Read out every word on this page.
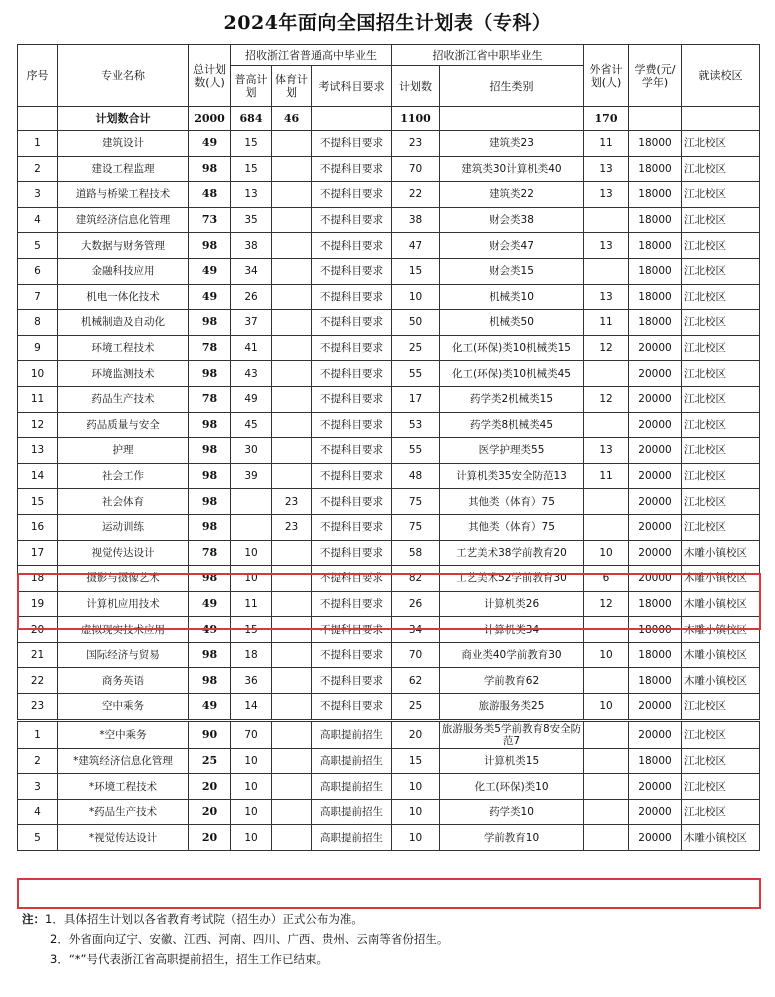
2024年面向全国招生计划表（专科）
序号	专业名称	总计划数(人)	招收浙江省普通高中毕业生			招收浙江省中职毕业生		外省计划(人)	学费(元/学年)	就读校区
			普高计划	体育计划	考试科目要求	计划数	招生类别			
	计划数合计	2000	684	46		1100		170		
1	建筑设计	49	15		不提科目要求	23	建筑类23	11	18000	江北校区
2	建设工程监理	98	15		不提科目要求	70	建筑类30计算机类40	13	18000	江北校区
3	道路与桥梁工程技术	48	13		不提科目要求	22	建筑类22	13	18000	江北校区
4	建筑经济信息化管理	73	35		不提科目要求	38	财会类38		18000	江北校区
5	大数据与财务管理	98	38		不提科目要求	47	财会类47	13	18000	江北校区
6	金融科技应用	49	34		不提科目要求	15	财会类15		18000	江北校区
7	机电一体化技术	49	26		不提科目要求	10	机械类10	13	18000	江北校区
8	机械制造及自动化	98	37		不提科目要求	50	机械类50	11	18000	江北校区
9	环境工程技术	78	41		不提科目要求	25	化工(环保)类10机械类15	12	20000	江北校区
10	环境监测技术	98	43		不提科目要求	55	化工(环保)类10机械类45		20000	江北校区
11	药品生产技术	78	49		不提科目要求	17	药学类2机械类15	12	20000	江北校区
12	药品质量与安全	98	45		不提科目要求	53	药学类8机械类45		20000	江北校区
13	护理	98	30		不提科目要求	55	医学护理类55	13	20000	江北校区
14	社会工作	98	39		不提科目要求	48	计算机类35安全防范13	11	20000	江北校区
15	社会体育	98		23	不提科目要求	75	其他类（体育）75		20000	江北校区
16	运动训练	98		23	不提科目要求	75	其他类（体育）75		20000	江北校区
17	视觉传达设计	78	10		不提科目要求	58	工艺美术38学前教育20	10	20000	木雕小镇校区
18	摄影与摄像艺术	98	10		不提科目要求	82	工艺美术52学前教育30	6	20000	木雕小镇校区
19	计算机应用技术	49	11		不提科目要求	26	计算机类26	12	18000	木雕小镇校区
20	虚拟现实技术应用	49	15		不提科目要求	34	计算机类34		18000	木雕小镇校区
21	国际经济与贸易	98	18		不提科目要求	70	商业类40学前教育30	10	18000	木雕小镇校区
22	商务英语	98	36		不提科目要求	62	学前教育62		18000	木雕小镇校区
23	空中乘务	49	14		不提科目要求	25	旅游服务类25	10	20000	江北校区
1	*空中乘务	90	70		高职提前招生	20	旅游服务类5学前教育8安全防范7		20000	江北校区
2	*建筑经济信息化管理	25	10		高职提前招生	15	计算机类15		18000	江北校区
3	*环境工程技术	20	10		高职提前招生	10	化工(环保)类10		20000	江北校区
4	*药品生产技术	20	10		高职提前招生	10	药学类10		20000	江北校区
5	*视觉传达设计	20	10		高职提前招生	10	学前教育10		20000	木雕小镇校区
注：1．具体招生计划以各省教育考试院（招生办）正式公布为准。
2．外省面向辽宁、安徽、江西、河南、四川、广西、贵州、云南等省份招生。
3．“*”号代表浙江省高职提前招生，招生工作已结束。
